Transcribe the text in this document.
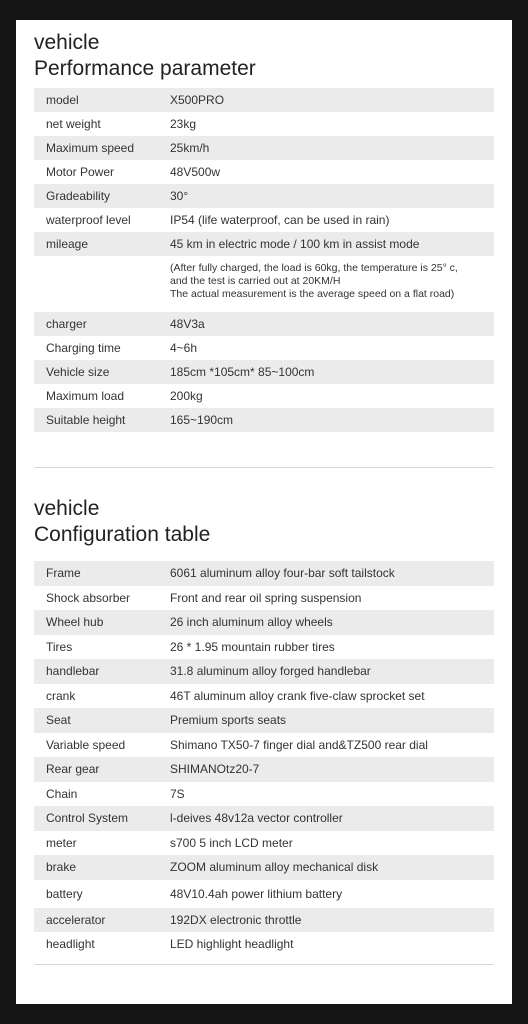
vehicle
Performance parameter
model	X500PRO
net weight	23kg
Maximum speed	25km/h
Motor Power	48V500w
Gradeability	30°
waterproof level	IP54 (life waterproof, can be used in rain)
mileage	45 km in electric mode / 100 km in assist mode
(After fully charged, the load is 60kg, the temperature is 25° c,
and the test is carried out at 20KM/H
The actual measurement is the average speed on a flat road)
charger	48V3a
Charging time	4~6h
Vehicle size	185cm *105cm* 85~100cm
Maximum load	200kg
Suitable height	165~190cm
vehicle
Configuration table
Frame	6061 aluminum alloy four-bar soft tailstock
Shock absorber	Front and rear oil spring suspension
Wheel hub	26 inch aluminum alloy wheels
Tires	26 * 1.95 mountain rubber tires
handlebar	31.8 aluminum alloy forged handlebar
crank	46T aluminum alloy crank five-claw sprocket set
Seat	Premium sports seats
Variable speed	Shimano TX50-7 finger dial and&TZ500 rear dial
Rear gear	SHIMANOtz20-7
Chain	7S
Control System	l-deives 48v12a vector controller
meter	s700 5 inch LCD meter
brake	ZOOM aluminum alloy mechanical disk
battery	48V10.4ah power lithium battery
accelerator	192DX electronic throttle
headlight	LED highlight headlight
